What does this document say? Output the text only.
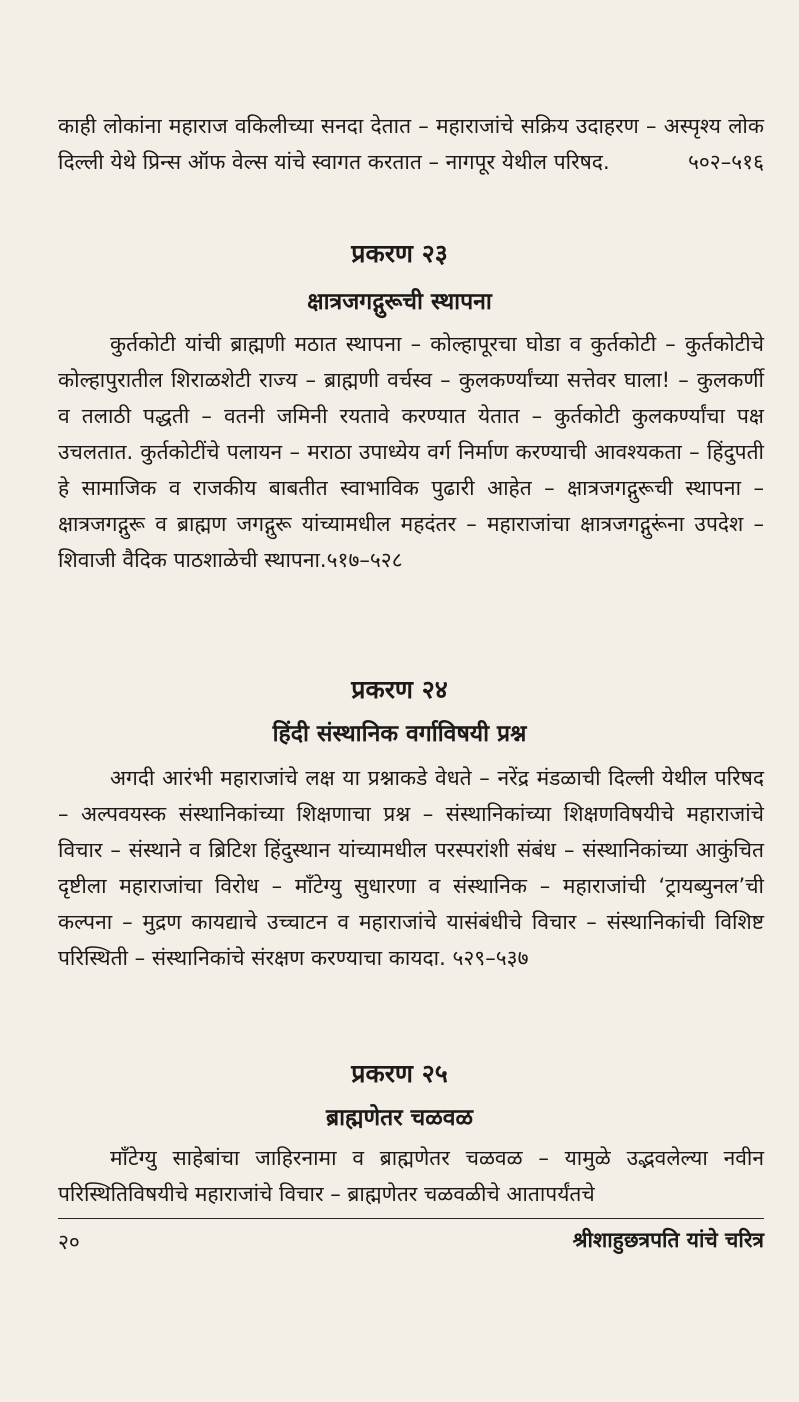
काही लोकांना महाराज वकिलीच्या सनदा देतात – महाराजांचे सक्रिय उदाहरण – अस्पृश्य लोक दिल्ली येथे प्रिन्स ऑफ वेल्स यांचे स्वागत करतात – नागपूर येथील परिषद.	५०२–५१६
प्रकरण २३
क्षात्रजगद्गुरूची स्थापना
कुर्तकोटी यांची ब्राह्मणी मठात स्थापना – कोल्हापूरचा घोडा व कुर्तकोटी – कुर्तकोटीचे कोल्हापुरातील शिराळशेटी राज्य – ब्राह्मणी वर्चस्व – कुलकर्ण्यांच्या सत्तेवर घाला! – कुलकर्णी व तलाठी पद्धती – वतनी जमिनी रयतावे करण्यात येतात – कुर्तकोटी कुलकर्ण्यांचा पक्ष उचलतात. कुर्तकोटींचे पलायन – मराठा उपाध्येय वर्ग निर्माण करण्याची आवश्यकता – हिंदुपती हे सामाजिक व राजकीय बाबतीत स्वाभाविक पुढारी आहेत – क्षात्रजगद्गुरूची स्थापना – क्षात्रजगद्गुरू व ब्राह्मण जगद्गुरू यांच्यामधील महदंतर – महाराजांचा क्षात्रजगद्गुरूंना उपदेश – शिवाजी वैदिक पाठशाळेची स्थापना.५१७–५२८
प्रकरण २४
हिंदी संस्थानिक वर्गाविषयी प्रश्न
अगदी आरंभी महाराजांचे लक्ष या प्रश्नाकडे वेधते – नरेंद्र मंडळाची दिल्ली येथील परिषद – अल्पवयस्क संस्थानिकांच्या शिक्षणाचा प्रश्न – संस्थानिकांच्या शिक्षणविषयीचे महाराजांचे विचार – संस्थाने व ब्रिटिश हिंदुस्थान यांच्यामधील परस्परांशी संबंध – संस्थानिकांच्या आकुंचित दृष्टीला महाराजांचा विरोध – मॉंटेग्यु सुधारणा व संस्थानिक – महाराजांची ‘ट्रायब्युनल’ची कल्पना – मुद्रण कायद्याचे उच्चाटन व महाराजांचे यासंबंधीचे विचार – संस्थानिकांची विशिष्ट परिस्थिती – संस्थानिकांचे संरक्षण करण्याचा कायदा. ५२९–५३७
प्रकरण २५
ब्राह्मणेतर चळवळ
मॉंटेग्यु साहेबांचा जाहिरनामा व ब्राह्मणेतर चळवळ – यामुळे उद्भवलेल्या नवीन परिस्थितिविषयीचे महाराजांचे विचार – ब्राह्मणेतर चळवळीचे आतापर्यंतचे
२०	श्रीशाहुछत्रपति यांचे चरित्र
